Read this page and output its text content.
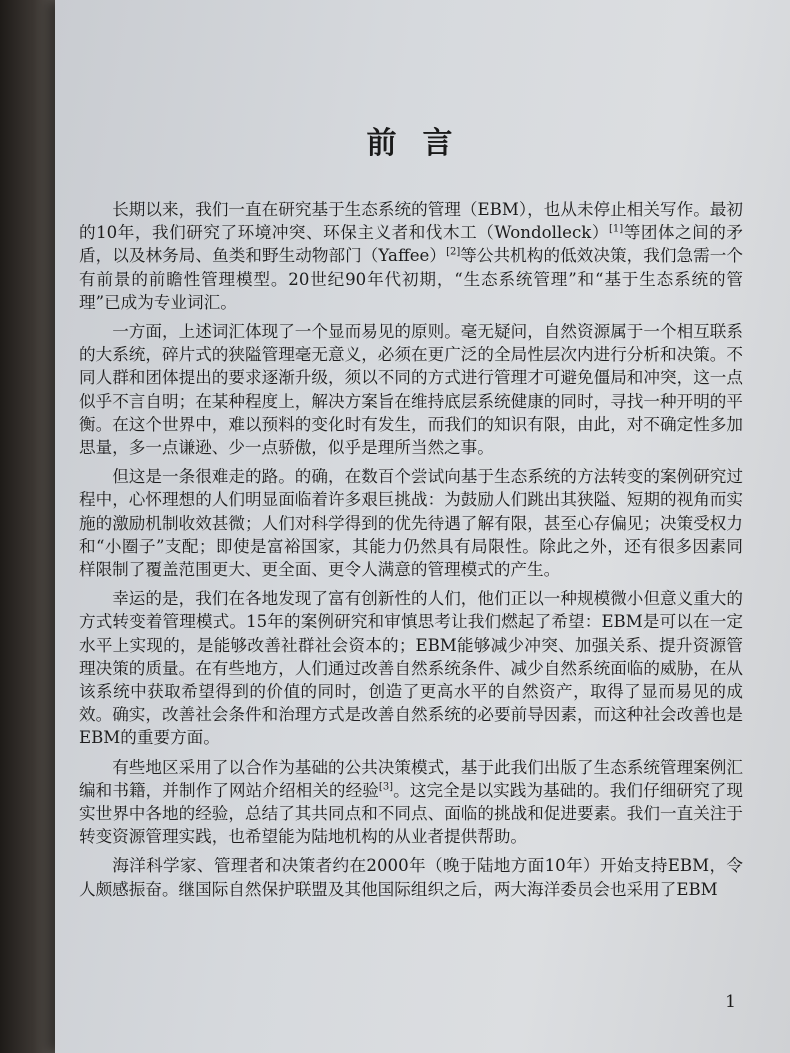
前言

长期以来，我们一直在研究基于生态系统的管理（EBM），也从未停止相关写作。最初的10年，我们研究了环境冲突、环保主义者和伐木工（Wondolleck）[1]等团体之间的矛盾，以及林务局、鱼类和野生动物部门（Yaffee）[2]等公共机构的低效决策，我们急需一个有前景的前瞻性管理模型。20世纪90年代初期，“生态系统管理”和“基于生态系统的管理”已成为专业词汇。

一方面，上述词汇体现了一个显而易见的原则。毫无疑问，自然资源属于一个相互联系的大系统，碎片式的狭隘管理毫无意义，必须在更广泛的全局性层次内进行分析和决策。不同人群和团体提出的要求逐渐升级，须以不同的方式进行管理才可避免僵局和冲突，这一点似乎不言自明；在某种程度上，解决方案旨在维持底层系统健康的同时，寻找一种开明的平衡。在这个世界中，难以预料的变化时有发生，而我们的知识有限，由此，对不确定性多加思量，多一点谦逊、少一点骄傲，似乎是理所当然之事。

但这是一条很难走的路。的确，在数百个尝试向基于生态系统的方法转变的案例研究过程中，心怀理想的人们明显面临着许多艰巨挑战：为鼓励人们跳出其狭隘、短期的视角而实施的激励机制收效甚微；人们对科学得到的优先待遇了解有限，甚至心存偏见；决策受权力和“小圈子”支配；即使是富裕国家，其能力仍然具有局限性。除此之外，还有很多因素同样限制了覆盖范围更大、更全面、更令人满意的管理模式的产生。

幸运的是，我们在各地发现了富有创新性的人们，他们正以一种规模微小但意义重大的方式转变着管理模式。15年的案例研究和审慎思考让我们燃起了希望：EBM是可以在一定水平上实现的，是能够改善社群社会资本的；EBM能够减少冲突、加强关系、提升资源管理决策的质量。在有些地方，人们通过改善自然系统条件、减少自然系统面临的威胁，在从该系统中获取希望得到的价值的同时，创造了更高水平的自然资产，取得了显而易见的成效。确实，改善社会条件和治理方式是改善自然系统的必要前导因素，而这种社会改善也是EBM的重要方面。

有些地区采用了以合作为基础的公共决策模式，基于此我们出版了生态系统管理案例汇编和书籍，并制作了网站介绍相关的经验[3]。这完全是以实践为基础的。我们仔细研究了现实世界中各地的经验，总结了其共同点和不同点、面临的挑战和促进要素。我们一直关注于转变资源管理实践，也希望能为陆地机构的从业者提供帮助。

海洋科学家、管理者和决策者约在2000年（晚于陆地方面10年）开始支持EBM，令人颇感振奋。继国际自然保护联盟及其他国际组织之后，两大海洋委员会也采用了EBM

1
